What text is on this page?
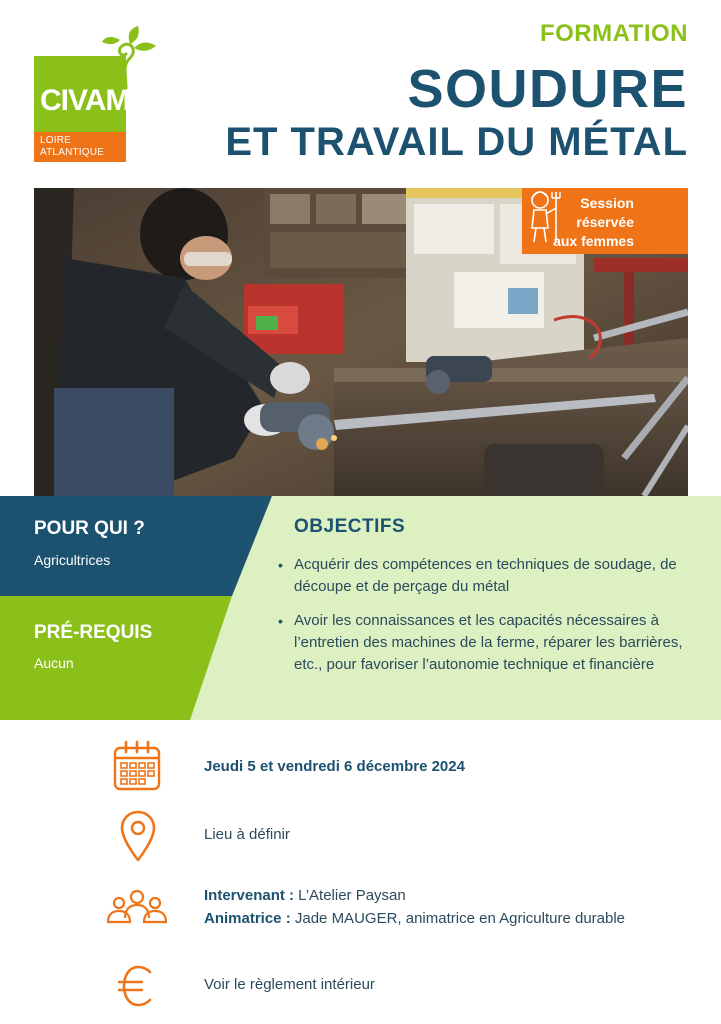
CIVAM
LOIRE
ATLANTIQUE
FORMATION
SOUDURE
ET TRAVAIL DU MÉTAL
Session
réservée
aux femmes
POUR QUI ?
Agricultrices
PRÉ-REQUIS
Aucun
OBJECTIFS
• Acquérir des compétences en techniques de soudage, de découpe et de perçage du métal
• Avoir les connaissances et les capacités nécessaires à l’entretien des machines de la ferme, réparer les barrières, etc., pour favoriser l’autonomie technique et financière
Jeudi 5 et vendredi 6 décembre 2024
Lieu à définir
Intervenant : L’Atelier Paysan
Animatrice : Jade MAUGER, animatrice en Agriculture durable
Voir le règlement intérieur
